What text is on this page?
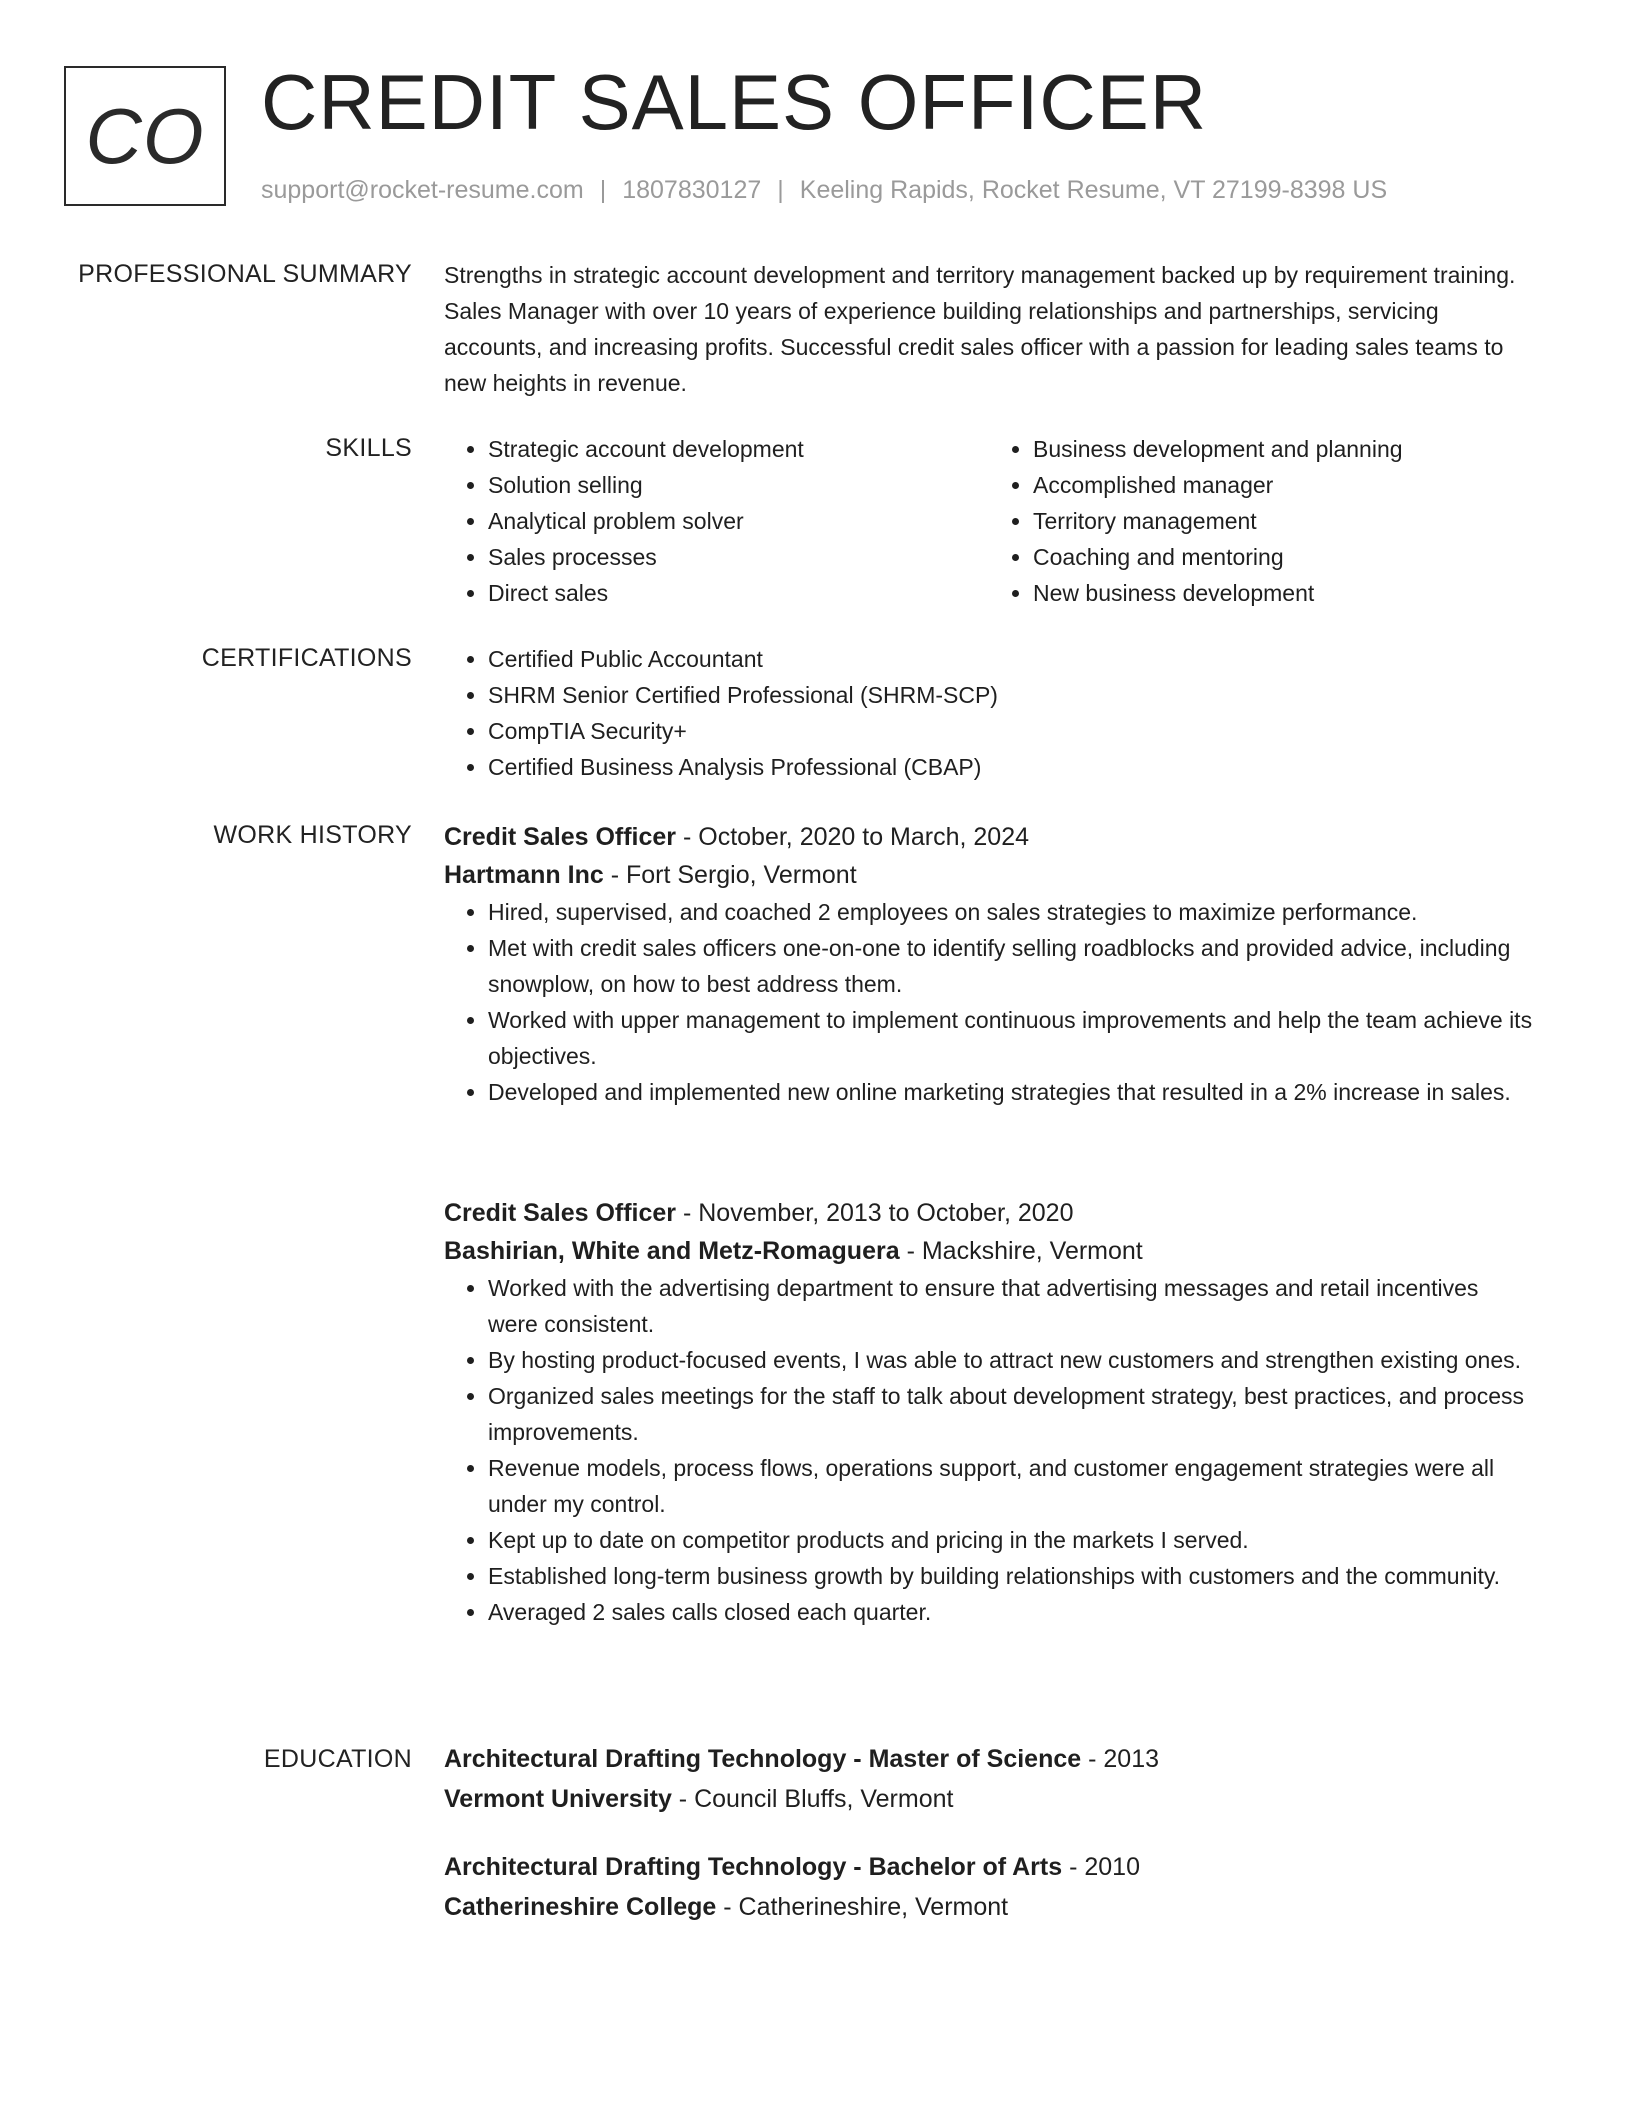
CO CREDIT SALES OFFICER
support@rocket-resume.com | 1807830127 | Keeling Rapids, Rocket Resume, VT 27199-8398 US
PROFESSIONAL SUMMARY Strengths in strategic account development and territory management backed up by requirement training. Sales Manager with over 10 years of experience building relationships and partnerships, servicing accounts, and increasing profits. Successful credit sales officer with a passion for leading sales teams to new heights in revenue.

SKILLS	• Strategic account development
• Solution selling
• Analytical problem solver
• Sales processes
• Direct sales
• Business development and planning
• Accomplished manager
• Territory management
• Coaching and mentoring
• New business development
CERTIFICATIONS	• Certified Public Accountant
• SHRM Senior Certified Professional (SHRM-SCP)
• CompTIA Security+
• Certified Business Analysis Professional (CBAP)
WORK HISTORY Credit Sales Officer - October, 2020 to March, 2024
Hartmann Inc - Fort Sergio, Vermont
• Hired, supervised, and coached 2 employees on sales strategies to maximize performance.
• Met with credit sales officers one-on-one to identify selling roadblocks and provided advice, including snowplow, on how to best address them.
• Worked with upper management to implement continuous improvements and help the team achieve its objectives.
• Developed and implemented new online marketing strategies that resulted in a 2% increase in sales.
Credit Sales Officer - November, 2013 to October, 2020
Bashirian, White and Metz-Romaguera - Mackshire, Vermont
• Worked with the advertising department to ensure that advertising messages and retail incentives were consistent.
• By hosting product-focused events, I was able to attract new customers and strengthen existing ones.
• Organized sales meetings for the staff to talk about development strategy, best practices, and process improvements.
• Revenue models, process flows, operations support, and customer engagement strategies were all under my control.
• Kept up to date on competitor products and pricing in the markets I served.
• Established long-term business growth by building relationships with customers and the community.
• Averaged 2 sales calls closed each quarter.
EDUCATION Architectural Drafting Technology - Master of Science - 2013
Vermont University - Council Bluffs, Vermont
Architectural Drafting Technology - Bachelor of Arts - 2010
Catherineshire College - Catherineshire, Vermont
